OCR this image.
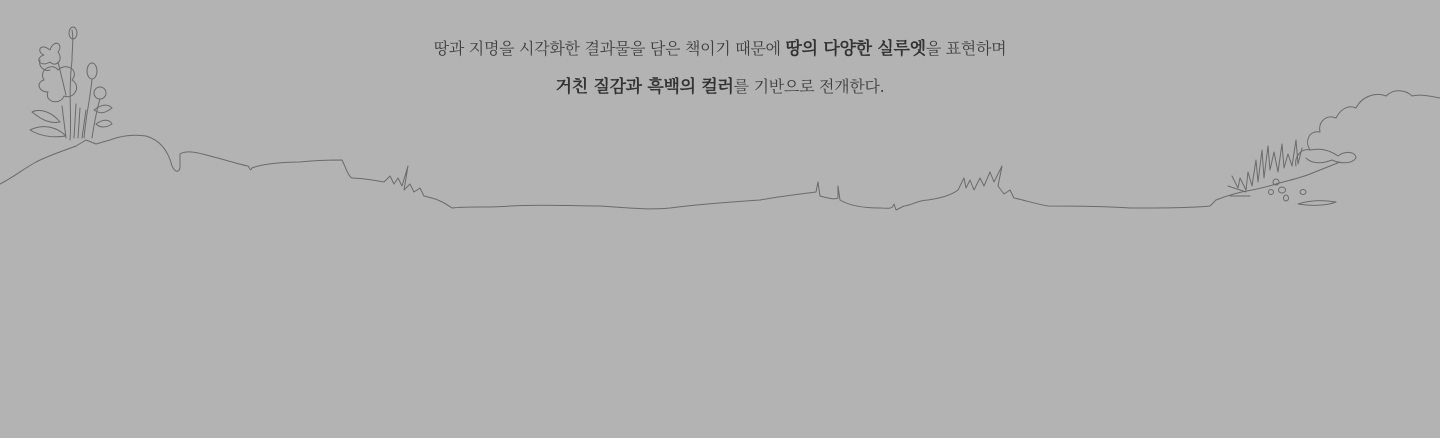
땅과 지명을 시각화한 결과물을 담은 책이기 때문에 땅의 다양한 실루엣을 표현하며

거친 질감과 흑백의 컬러를 기반으로 전개한다.
